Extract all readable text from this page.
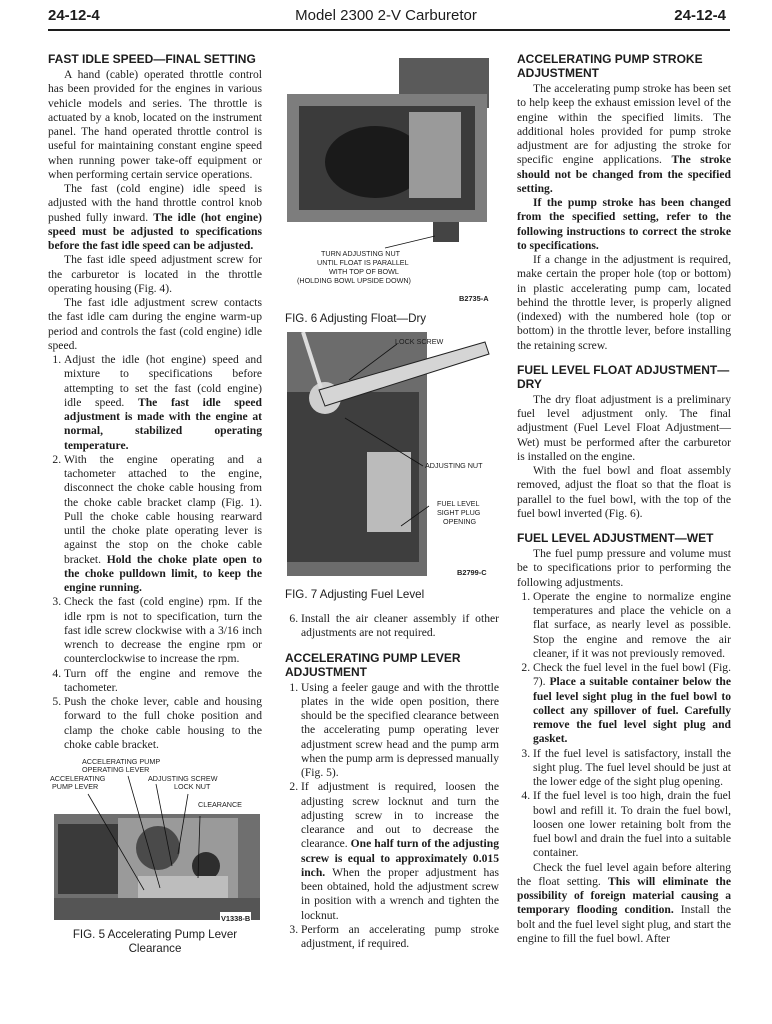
24-12-4	Model 2300 2-V Carburetor	24-12-4
FAST IDLE SPEED—FINAL SETTING

A hand (cable) operated throttle control has been provided for the engines in various vehicle models and series. The throttle is actuated by a knob, located on the instrument panel. The hand operated throttle control is useful for maintaining constant engine speed when running power take-off equipment or when performing certain service operations.

The fast (cold engine) idle speed is adjusted with the hand throttle control knob pushed fully inward. The idle (hot engine) speed must be adjusted to specifications before the fast idle speed can be adjusted.

The fast idle speed adjustment screw for the carburetor is located in the throttle operating housing (Fig. 4).

The fast idle adjustment screw contacts the fast idle cam during the engine warm-up period and controls the fast (cold engine) idle speed.

1. Adjust the idle (hot engine) speed and mixture to specifications before attempting to set the fast (cold engine) idle speed. The fast idle speed adjustment is made with the engine at normal, stabilized operating temperature.
2. With the engine operating and a tachometer attached to the engine, disconnect the choke cable housing from the choke cable bracket clamp (Fig. 1). Pull the choke cable housing rearward until the choke plate operating lever is against the stop on the choke cable bracket. Hold the choke plate open to the choke pulldown limit, to keep the engine running.
3. Check the fast (cold engine) rpm. If the idle rpm is not to specification, turn the fast idle screw clockwise with a 3/16 inch wrench to decrease the engine rpm or counterclockwise to increase the rpm.
4. Turn off the engine and remove the tachometer.
5. Push the choke lever, cable and housing forward to the full choke position and clamp the choke cable housing to the choke cable bracket.
ACCELERATING PUMP
OPERATING LEVER
ACCELERATING
PUMP LEVER
ADJUSTING SCREW
LOCK NUT
CLEARANCE
V1338-B
FIG. 5 Accelerating Pump Lever
Clearance
TURN ADJUSTING NUT
UNTIL FLOAT IS PARALLEL
WITH TOP OF BOWL
(HOLDING BOWL UPSIDE DOWN)
B2735-A
FIG. 6 Adjusting Float—Dry
LOCK SCREW
ADJUSTING NUT
FUEL LEVEL
SIGHT PLUG
OPENING
B2799-C
FIG. 7 Adjusting Fuel Level
6. Install the air cleaner assembly if other adjustments are not required.
ACCELERATING PUMP LEVER ADJUSTMENT
1. Using a feeler gauge and with the throttle plates in the wide open position, there should be the specified clearance between the accelerating pump operating lever adjustment screw head and the pump arm when the pump arm is depressed manually (Fig. 5).
2. If adjustment is required, loosen the adjusting screw locknut and turn the adjusting screw in to increase the clearance and out to decrease the clearance. One half turn of the adjusting screw is equal to approximately 0.015 inch. When the proper adjustment has been obtained, hold the adjustment screw in position with a wrench and tighten the locknut.
3. Perform an accelerating pump stroke adjustment, if required.
ACCELERATING PUMP STROKE ADJUSTMENT

The accelerating pump stroke has been set to help keep the exhaust emission level of the engine within the specified limits. The additional holes provided for pump stroke adjustment are for adjusting the stroke for specific engine applications. The stroke should not be changed from the specified setting.

If the pump stroke has been changed from the specified setting, refer to the following instructions to correct the stroke to specifications.

If a change in the adjustment is required, make certain the proper hole (top or bottom) in plastic accelerating pump cam, located behind the throttle lever, is properly aligned (indexed) with the numbered hole (top or bottom) in the throttle lever, before installing the retaining screw.

FUEL LEVEL FLOAT ADJUSTMENT—DRY

The dry float adjustment is a preliminary fuel level adjustment only. The final adjustment (Fuel Level Float Adjustment—Wet) must be performed after the carburetor is installed on the engine.

With the fuel bowl and float assembly removed, adjust the float so that the float is parallel to the fuel bowl, with the top of the fuel bowl inverted (Fig. 6).

FUEL LEVEL ADJUSTMENT—WET

The fuel pump pressure and volume must be to specifications prior to performing the following adjustments.

1. Operate the engine to normalize engine temperatures and place the vehicle on a flat surface, as nearly level as possible. Stop the engine and remove the air cleaner, if it was not previously removed.
2. Check the fuel level in the fuel bowl (Fig. 7). Place a suitable container below the fuel level sight plug in the fuel bowl to collect any spillover of fuel. Carefully remove the fuel level sight plug and gasket.
3. If the fuel level is satisfactory, install the sight plug. The fuel level should be just at the lower edge of the sight plug opening.
4. If the fuel level is too high, drain the fuel bowl and refill it. To drain the fuel bowl, loosen one lower retaining bolt from the fuel bowl and drain the fuel into a suitable container.

Check the fuel level again before altering the float setting. This will eliminate the possibility of foreign material causing a temporary flooding condition. Install the bolt and the fuel level sight plug, and start the engine to fill the fuel bowl. After
